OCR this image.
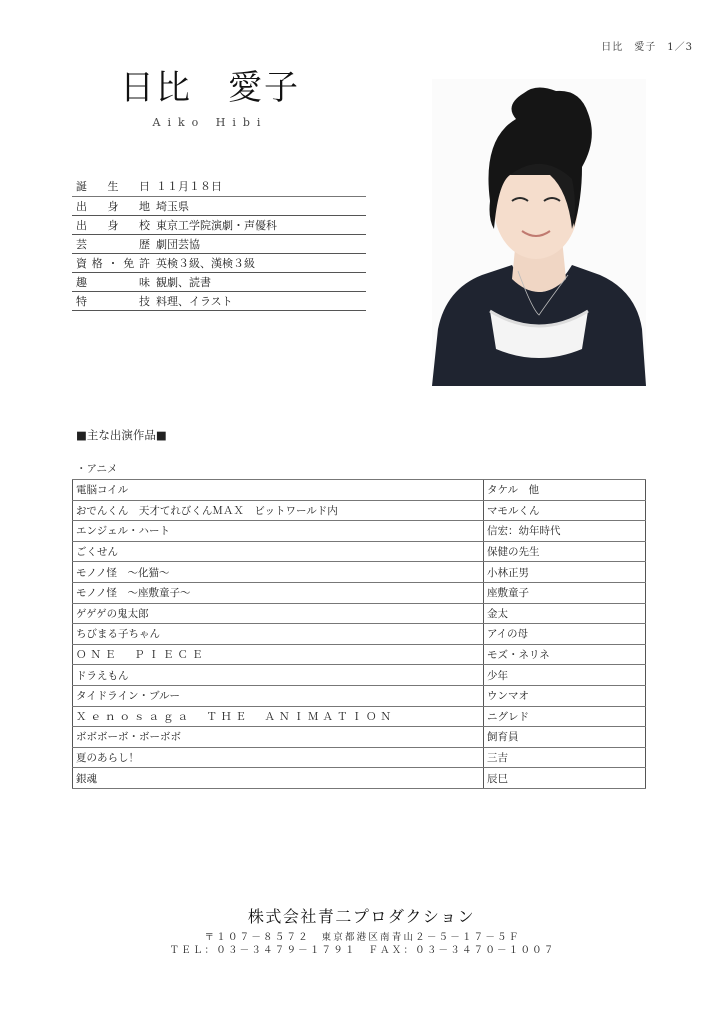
日比　愛子　 1／3

日比　愛子
Aiko Hibi
誕生日 １１月１８日
出身地 埼玉県
出身校 東京工学院演劇・声優科
芸歴 劇団芸協
資格・免許 英検３級、漢検３級
趣味 観劇、読書
特技 料理、イラスト
■主な出演作品■
・アニメ
電脳コイル	タケル　他
おでんくん　天才てれびくんＭＡＸ　ビットワールド内	マモルくん
エンジェル・ハート	信宏：幼年時代
ごくせん	保健の先生
モノノ怪　～化猫～	小林正男
モノノ怪　～座敷童子～	座敷童子
ゲゲゲの鬼太郎	金太
ちびまる子ちゃん	アイの母
ＯＮＥ　ＰＩＥＣＥ	モズ・ネリネ
ドラえもん	少年
タイドライン・ブルー	ウンマオ
Ｘｅｎｏｓａｇａ　ＴＨＥ　ＡＮＩＭＡＴＩＯＮ	ニグレド
ボボボーボ・ボーボボ	飼育員
夏のあらし！	三吉
銀魂	辰巳
株式会社青二プロダクション
〒１０７－８５７２　東京都港区南青山２－５－１７－５Ｆ
ＴＥＬ：０３－３４７９－１７９１　ＦＡＸ：０３－３４７０－１００７
